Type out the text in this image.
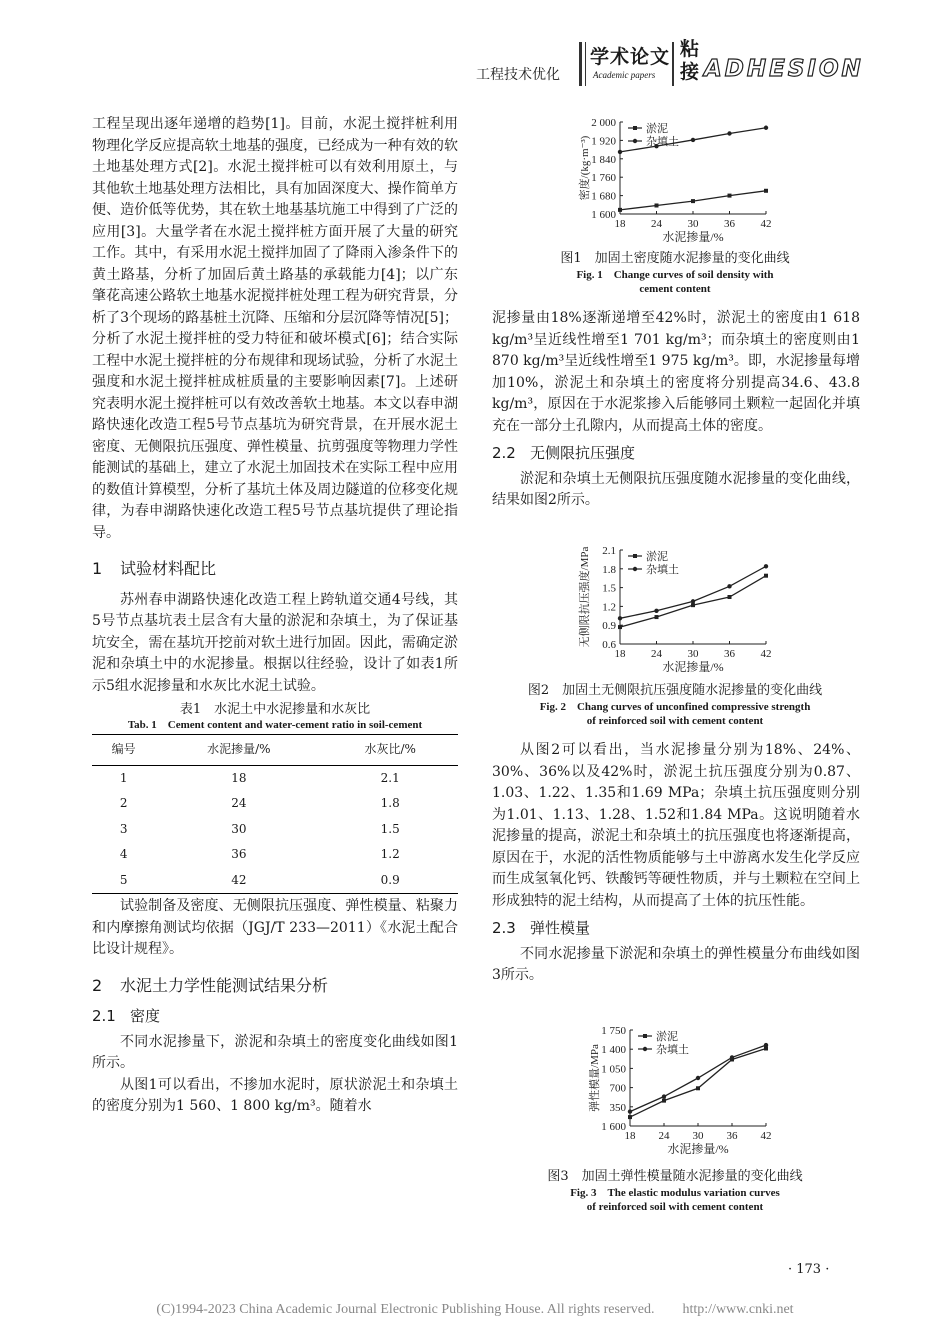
工程技术优化
学术论文
Academic papers
粘接 ADHESION

工程呈现出逐年递增的趋势[1]。目前，水泥土搅拌桩利用物理化学反应提高软土地基的强度，已经成为一种有效的软土地基处理方式[2]。水泥土搅拌桩可以有效利用原土，与其他软土地基处理方法相比，具有加固深度大、操作简单方便、造价低等优势，其在软土地基基坑施工中得到了广泛的应用[3]。大量学者在水泥土搅拌桩方面开展了大量的研究工作。其中，有采用水泥土搅拌加固了了降雨入渗条件下的黄土路基，分析了加固后黄土路基的承载能力[4]；以广东肇花高速公路软土地基水泥搅拌桩处理工程为研究背景，分析了3个现场的路基桩土沉降、压缩和分层沉降等情况[5]；分析了水泥土搅拌桩的受力特征和破坏模式[6]；结合实际工程中水泥土搅拌桩的分布规律和现场试验，分析了水泥土强度和水泥土搅拌桩成桩质量的主要影响因素[7]。上述研究表明水泥土搅拌桩可以有效改善软土地基。本文以春申湖路快速化改造工程5号节点基坑为研究背景，在开展水泥土密度、无侧限抗压强度、弹性模量、抗剪强度等物理力学性能测试的基础上，建立了水泥土加固技术在实际工程中应用的数值计算模型，分析了基坑土体及周边隧道的位移变化规律，为春申湖路快速化改造工程5号节点基坑提供了理论指导。

1 试验材料配比

苏州春申湖路快速化改造工程上跨轨道交通4号线，其5号节点基坑表土层含有大量的淤泥和杂填土，为了保证基坑安全，需在基坑开挖前对软土进行加固。因此，需确定淤泥和杂填土中的水泥掺量。根据以往经验，设计了如表1所示5组水泥掺量和水灰比水泥土试验。

表1　水泥土中水泥掺量和水灰比
Tab. 1　Cement content and water-cement ratio in soil-cement
编号	水泥掺量/%	水灰比/%
1	18	2.1
2	24	1.8
3	30	1.5
4	36	1.2
5	42	0.9

试验制备及密度、无侧限抗压强度、弹性模量、粘聚力和内摩擦角测试均依据（JGJ/T 233—2011）《水泥土配合比设计规程》。

2 水泥土力学性能测试结果分析
2.1 密度

不同水泥掺量下，淤泥和杂填土的密度变化曲线如图1所示。

从图1可以看出，不掺加水泥时，原状淤泥土和杂填土的密度分别为1 560、1 800 kg/m³。随着水

1 600
1 680
1 760
1 840
1 920
2 000
18 24 30 36 42
水泥掺量/%
密度/(kg·m⁻³)
淤泥
杂填土
图1　加固土密度随水泥掺量的变化曲线
Fig. 1　Change curves of soil density with
cement content

泥掺量由18%逐渐递增至42%时，淤泥土的密度由1 618 kg/m³呈近线性增至1 701 kg/m³；而杂填土的密度则由1 870 kg/m³呈近线性增至1 975 kg/m³。即，水泥掺量每增加10%，淤泥土和杂填土的密度将分别提高34.6、43.8 kg/m³，原因在于水泥浆掺入后能够同土颗粒一起固化并填充在一部分土孔隙内，从而提高土体的密度。

2.2 无侧限抗压强度

淤泥和杂填土无侧限抗压强度随水泥掺量的变化曲线，结果如图2所示。

0.6
0.9
1.2
1.5
1.8
2.1
18 24 30 36 42
水泥掺量/%
无侧限抗压强度/MPa	淤泥
杂填土
图2　加固土无侧限抗压强度随水泥掺量的变化曲线
Fig. 2　Chang curves of unconfined compressive strength
of reinforced soil with cement content

从图2可以看出，当水泥掺量分别为18%、24%、30%、36%以及42%时，淤泥土抗压强度分别为0.87、1.03、1.22、1.35和1.69 MPa；杂填土抗压强度则分别为1.01、1.13、1.28、1.52和1.84 MPa。这说明随着水泥掺量的提高，淤泥土和杂填土的抗压强度也将逐渐提高，原因在于，水泥的活性物质能够与土中游离水发生化学反应而生成氢氧化钙、铁酸钙等硬性物质，并与土颗粒在空间上形成独特的泥土结构，从而提高了土体的抗压性能。

2.3 弹性模量

不同水泥掺量下淤泥和杂填土的弹性模量分布曲线如图3所示。

1 600
350
700
1 050
1 400
1 750
18 24 30 36 42
水泥掺量/%
弹性模量/MPa
淤泥
杂填土
图3　加固土弹性模量随水泥掺量的变化曲线
Fig. 3　The elastic modulus variation curves
of reinforced soil with cement content
· 173 ·
(C)1994-2023 China Academic Journal Electronic Publishing House. All rights reserved.　　http://www.cnki.net
